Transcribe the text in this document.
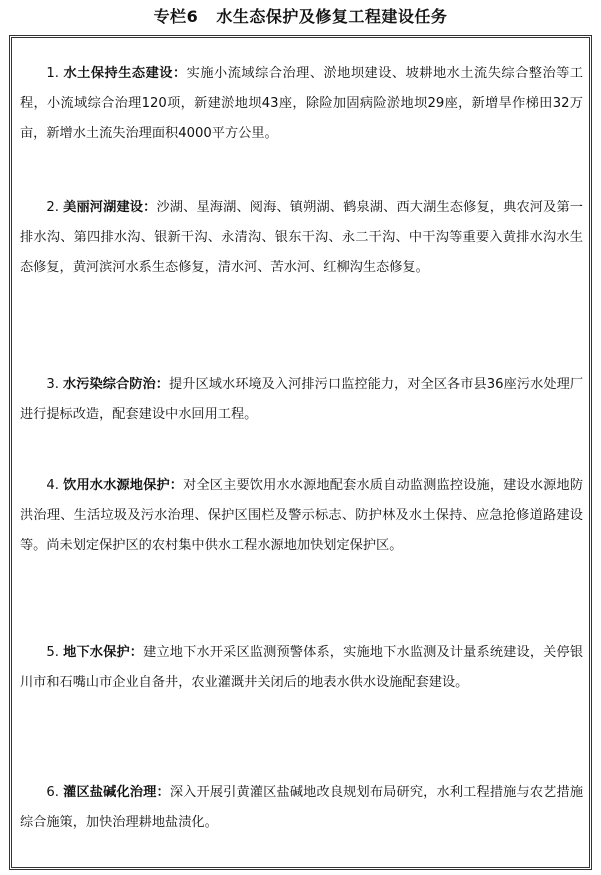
专栏6 水生态保护及修复工程建设任务

1. 水土保持生态建设：实施小流域综合治理、淤地坝建设、坡耕地水土流失综合整治等工程，小流域综合治理120项，新建淤地坝43座，除险加固病险淤地坝29座，新增旱作梯田32万亩，新增水土流失治理面积4000平方公里。

2. 美丽河湖建设：沙湖、星海湖、阅海、镇朔湖、鹤泉湖、西大湖生态修复，典农河及第一排水沟、第四排水沟、银新干沟、永清沟、银东干沟、永二干沟、中干沟等重要入黄排水沟水生态修复，黄河滨河水系生态修复，清水河、苦水河、红柳沟生态修复。

3. 水污染综合防治：提升区域水环境及入河排污口监控能力，对全区各市县36座污水处理厂进行提标改造，配套建设中水回用工程。

4. 饮用水水源地保护：对全区主要饮用水水源地配套水质自动监测监控设施，建设水源地防洪治理、生活垃圾及污水治理、保护区围栏及警示标志、防护林及水土保持、应急抢修道路建设等。尚未划定保护区的农村集中供水工程水源地加快划定保护区。

5. 地下水保护：建立地下水开采区监测预警体系，实施地下水监测及计量系统建设，关停银川市和石嘴山市企业自备井，农业灌溉井关闭后的地表水供水设施配套建设。

6. 灌区盐碱化治理：深入开展引黄灌区盐碱地改良规划布局研究，水利工程措施与农艺措施综合施策，加快治理耕地盐渍化。
